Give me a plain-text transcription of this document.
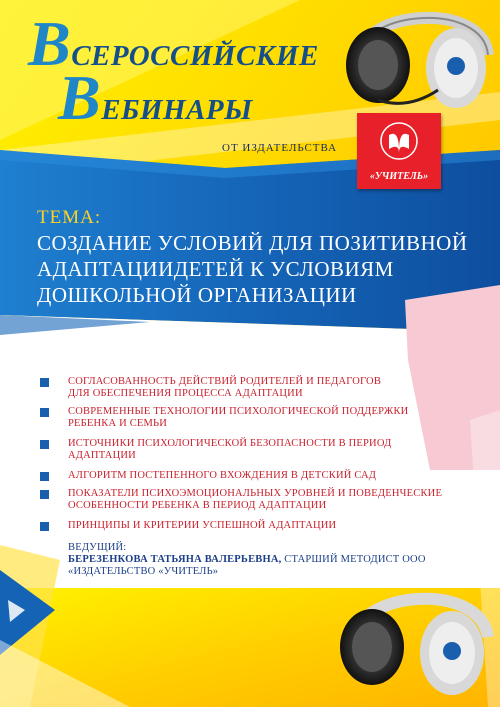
ВСЕРОССИЙСКИЕ
ВЕБИНАРЫ
ОТ ИЗДАТЕЛЬСТВА
«УЧИТЕЛЬ»
ТЕМА:
СОЗДАНИЕ УСЛОВИЙ ДЛЯ ПОЗИТИВНОЙ
АДАПТАЦИИДЕТЕЙ К УСЛОВИЯМ
ДОШКОЛЬНОЙ ОРГАНИЗАЦИИ
СОГЛАСОВАННОСТЬ ДЕЙСТВИЙ РОДИТЕЛЕЙ И ПЕДАГОГОВ
ДЛЯ ОБЕСПЕЧЕНИЯ ПРОЦЕССА АДАПТАЦИИ
СОВРЕМЕННЫЕ ТЕХНОЛОГИИ ПСИХОЛОГИЧЕСКОЙ ПОДДЕРЖКИ
РЕБЕНКА И СЕМЬИ
ИСТОЧНИКИ ПСИХОЛОГИЧЕСКОЙ БЕЗОПАСНОСТИ В ПЕРИОД
АДАПТАЦИИ
АЛГОРИТМ ПОСТЕПЕННОГО ВХОЖДЕНИЯ В ДЕТСКИЙ САД
ПОКАЗАТЕЛИ ПСИХОЭМОЦИОНАЛЬНЫХ УРОВНЕЙ И ПОВЕДЕНЧЕСКИЕ
ОСОБЕННОСТИ РЕБЕНКА В ПЕРИОД АДАПТАЦИИ
ПРИНЦИПЫ И КРИТЕРИИ УСПЕШНОЙ АДАПТАЦИИ
ВЕДУЩИЙ:
БЕРЕЗЕНКОВА ТАТЬЯНА ВАЛЕРЬЕВНА, СТАРШИЙ МЕТОДИСТ ООО
«ИЗДАТЕЛЬСТВО «УЧИТЕЛЬ»
